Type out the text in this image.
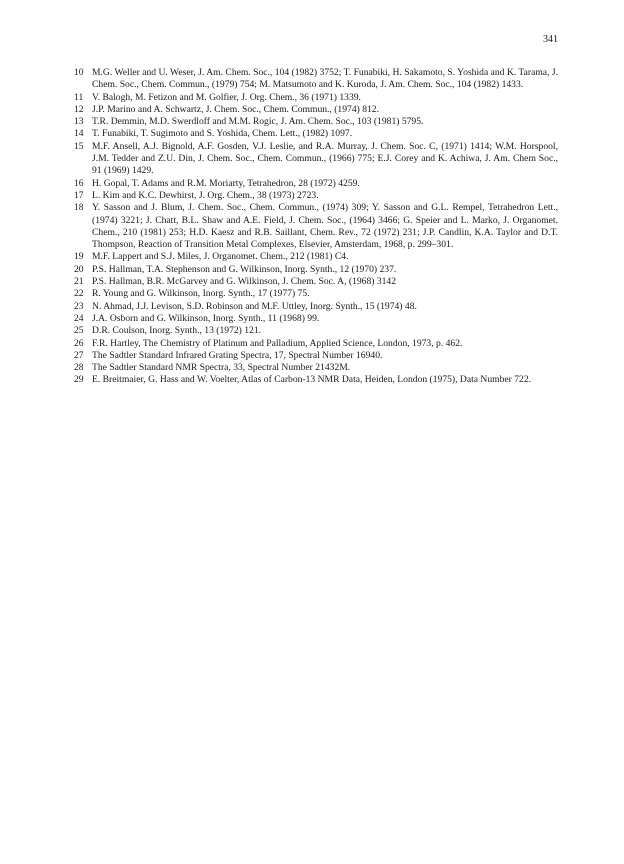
341
10 M.G. Weller and U. Weser, J. Am. Chem. Soc., 104 (1982) 3752; T. Funabiki, H. Sakamoto, S. Yoshida and K. Tarama, J. Chem. Soc., Chem. Commun., (1979) 754; M. Matsumoto and K. Kuroda, J. Am. Chem. Soc., 104 (1982) 1433.
11 V. Balogh, M. Fetizon and M. Golfier, J. Org. Chem., 36 (1971) 1339.
12 J.P. Marino and A. Schwartz, J. Chem. Soc., Chem. Commun., (1974) 812.
13 T.R. Demmin, M.D. Swerdloff and M.M. Rogic, J. Am. Chem. Soc., 103 (1981) 5795.
14 T. Funabiki, T. Sugimoto and S. Yoshida, Chem. Lett., (1982) 1097.
15 M.F. Ansell, A.J. Bignold, A.F. Gosden, V.J. Leslie, and R.A. Murray, J. Chem. Soc. C, (1971) 1414; W.M. Horspool, J.M. Tedder and Z.U. Din, J. Chem. Soc., Chem. Commun., (1966) 775; E.J. Corey and K. Achiwa, J. Am. Chem Soc., 91 (1969) 1429.
16 H. Gopal, T. Adams and R.M. Moriarty, Tetrahedron, 28 (1972) 4259.
17 L. Kim and K.C. Dewhirst, J. Org. Chem., 38 (1973) 2723.
18 Y. Sasson and J. Blum, J. Chem. Soc., Chem. Commun., (1974) 309; Y. Sasson and G.L. Rempel, Tetrahedron Lett., (1974) 3221; J. Chatt, B.L. Shaw and A.E. Field, J. Chem. Soc., (1964) 3466; G. Speier and L. Marko, J. Organomet. Chem., 210 (1981) 253; H.D. Kaesz and R.B. Saillant, Chem. Rev., 72 (1972) 231; J.P. Candlin, K.A. Taylor and D.T. Thompson, Reaction of Transition Metal Complexes, Elsevier, Amsterdam, 1968, p. 299–301.
19 M.F. Lappert and S.J. Miles, J. Organomet. Chem., 212 (1981) C4.
20 P.S. Hallman, T.A. Stephenson and G. Wilkinson, Inorg. Synth., 12 (1970) 237.
21 P.S. Hallman, B.R. McGarvey and G. Wilkinson, J. Chem. Soc. A, (1968) 3142
22 R. Young and G. Wilkinson, Inorg. Synth., 17 (1977) 75.
23 N. Ahmad, J.J. Levison, S.D. Robinson and M.F. Uttley, Inorg. Synth., 15 (1974) 48.
24 J.A. Osborn and G. Wilkinson, Inorg. Synth., 11 (1968) 99.
25 D.R. Coulson, Inorg. Synth., 13 (1972) 121.
26 F.R. Hartley, The Chemistry of Platinum and Palladium, Applied Science, London, 1973, p. 462.
27 The Sadtler Standard Infrared Grating Spectra, 17, Spectral Number 16940.
28 The Sadtler Standard NMR Spectra, 33, Spectral Number 21432M.
29 E. Breitmaier, G. Hass and W. Voelter, Atlas of Carbon-13 NMR Data, Heiden, London (1975), Data Number 722.
